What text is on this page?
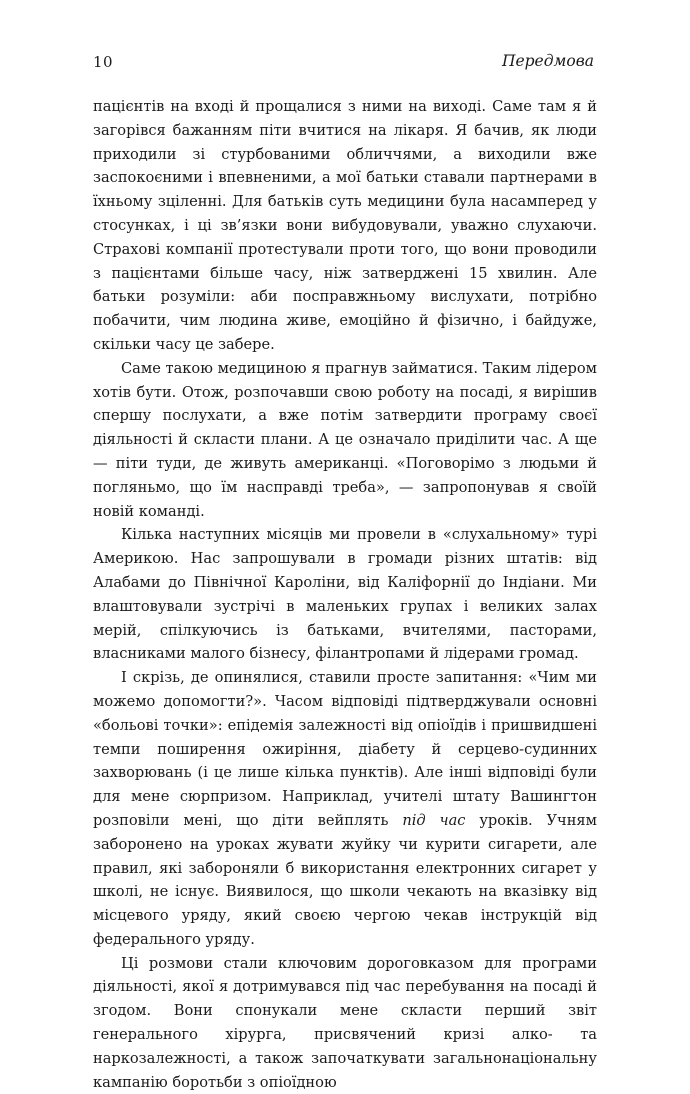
10	Передмова

пацієнтів на вході й прощалися з ними на виході. Саме там я й загорівся бажанням піти вчитися на лікаря. Я бачив, як люди приходили зі стурбованими обличчями, а виходили вже заспокоєними і впевненими, а мої батьки ставали партнерами в їхньому зціленні. Для батьків суть медицини була насамперед у стосунках, і ці зв’язки вони вибудовували, уважно слухаючи. Страхові компанії протестували проти того, що вони проводили з пацієнтами більше часу, ніж затверджені 15 хвилин. Але батьки розуміли: аби посправжньому вислухати, потрібно побачити, чим людина живе, емоційно й фізично, і байдуже, скільки часу це забере.

Саме такою медициною я прагнув займатися. Таким лідером хотів бути. Отож, розпочавши свою роботу на посаді, я вирішив спершу послухати, а вже потім затвердити програму своєї діяльності й скласти плани. А це означало приділити час. А ще — піти туди, де живуть американці. «Поговорімо з людьми й погляньмо, що їм насправді треба», — запропонував я своїй новій команді.

Кілька наступних місяців ми провели в «слухальному» турі Америкою. Нас запрошували в громади різних штатів: від Алабами до Північної Кароліни, від Каліфорнії до Індіани. Ми влаштовували зустрічі в маленьких групах і великих залах мерій, спілкуючись із батьками, вчителями, пасторами, власниками малого бізнесу, філантропами й лідерами громад.

І скрізь, де опинялися, ставили просте запитання: «Чим ми можемо допомогти?». Часом відповіді підтверджували основні «больові точки»: епідемія залежності від опіоїдів і пришвидшені темпи поширення ожиріння, діабету й серцево-судинних захворювань (і це лише кілька пунктів). Але інші відповіді були для мене сюрпризом. Наприклад, учителі штату Вашингтон розповіли мені, що діти вейплять під час уроків. Учням заборонено на уроках жувати жуйку чи курити сигарети, але правил, які забороняли б використання електронних сигарет у школі, не існує. Виявилося, що школи чекають на вказівку від місцевого уряду, який своєю чергою чекав інструкцій від федерального уряду.

Ці розмови стали ключовим дороговказом для програми діяльності, якої я дотримувався під час перебування на посаді й згодом. Вони спонукали мене скласти перший звіт генерального хірурга, присвячений кризі алко- та наркозалежності, а також започаткувати загальнонаціональну кампанію боротьби з опіоїдною
